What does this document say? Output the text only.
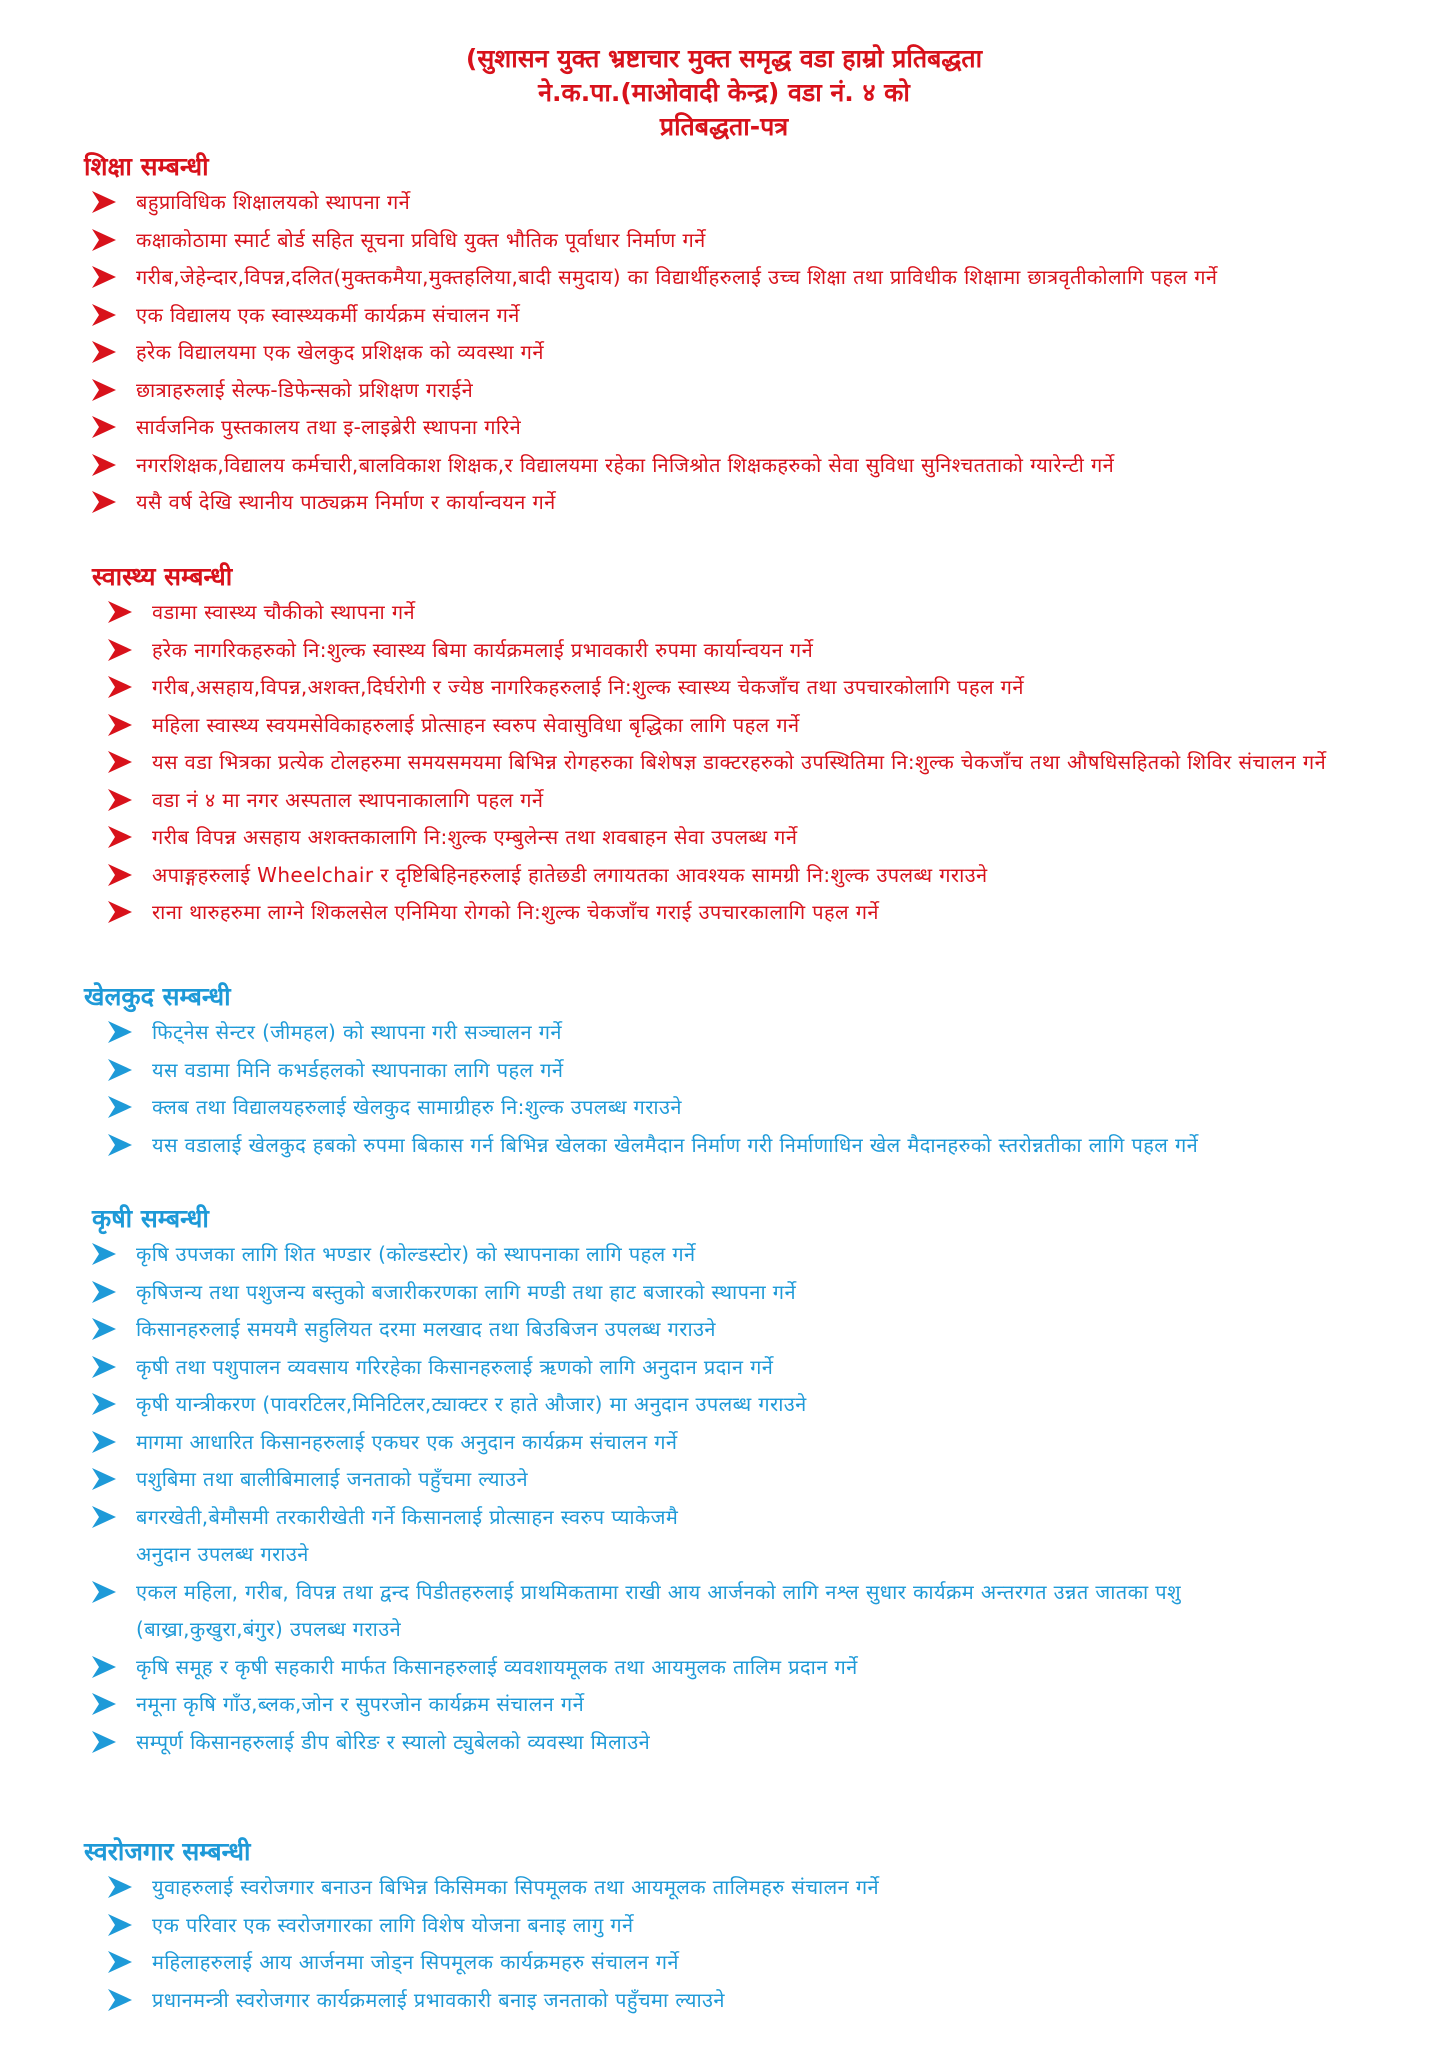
(सुशासन युक्त भ्रष्टाचार मुक्त समृद्ध वडा हाम्रो प्रतिबद्धता
ने.क.पा.(माओवादी केन्द्र) वडा नं. ४ को
प्रतिबद्धता-पत्र
शिक्षा सम्बन्धी
बहुप्राविधिक शिक्षालयको स्थापना गर्ने
कक्षाकोठामा स्मार्ट बोर्ड सहित सूचना प्रविधि युक्त भौतिक पूर्वाधार निर्माण गर्ने
गरीब,जेहेन्दार,विपन्न,दलित(मुक्तकमैया,मुक्तहलिया,बादी समुदाय) का विद्यार्थीहरुलाई उच्च शिक्षा तथा प्राविधीक शिक्षामा छात्रवृतीकोलागि पहल गर्ने
एक विद्यालय एक स्वास्थ्यकर्मी कार्यक्रम संचालन गर्ने
हरेक विद्यालयमा एक खेलकुद प्रशिक्षक को व्यवस्था गर्ने
छात्राहरुलाई सेल्फ-डिफेन्सको प्रशिक्षण गराईने
सार्वजनिक पुस्तकालय तथा इ-लाइब्रेरी स्थापना गरिने
नगरशिक्षक,विद्यालय कर्मचारी,बालविकाश शिक्षक,र विद्यालयमा रहेका निजिश्रोत शिक्षकहरुको सेवा सुविधा सुनिश्चतताको ग्यारेन्टी गर्ने
यसै वर्ष देखि स्थानीय पाठ्यक्रम निर्माण र कार्यान्वयन गर्ने
स्वास्थ्य सम्बन्धी
वडामा स्वास्थ्य चौकीको स्थापना गर्ने
हरेक नागरिकहरुको नि:शुल्क स्वास्थ्य बिमा कार्यक्रमलाई प्रभावकारी रुपमा कार्यान्वयन गर्ने
गरीब,असहाय,विपन्न,अशक्त,दिर्घरोगी र ज्येष्ठ नागरिकहरुलाई नि:शुल्क स्वास्थ्य चेकजाँच तथा उपचारकोलागि पहल गर्ने
महिला स्वास्थ्य स्वयमसेविकाहरुलाई प्रोत्साहन स्वरुप सेवासुविधा बृद्धिका लागि पहल गर्ने
यस वडा भित्रका प्रत्येक टोलहरुमा समयसमयमा बिभिन्न रोगहरुका बिशेषज्ञ डाक्टरहरुको उपस्थितिमा नि:शुल्क चेकजाँच तथा औषधिसहितको शिविर संचालन गर्ने
वडा नं ४ मा नगर अस्पताल स्थापनाकालागि पहल गर्ने
गरीब विपन्न असहाय अशक्तकालागि नि:शुल्क एम्बुलेन्स तथा शवबाहन सेवा उपलब्ध गर्ने
अपाङ्गहरुलाई Wheelchair र दृष्टिबिहिनहरुलाई हातेछडी लगायतका आवश्यक सामग्री नि:शुल्क उपलब्ध गराउने
राना थारुहरुमा लाग्ने शिकलसेल एनिमिया रोगको नि:शुल्क चेकजाँच गराई उपचारकालागि पहल गर्ने
खेलकुद सम्बन्धी
फिट्नेस सेन्टर (जीमहल) को स्थापना गरी सञ्चालन गर्ने
यस वडामा मिनि कभर्डहलको स्थापनाका लागि पहल गर्ने
क्लब तथा विद्यालयहरुलाई खेलकुद सामाग्रीहरु नि:शुल्क उपलब्ध गराउने
यस वडालाई खेलकुद हबको रुपमा बिकास गर्न बिभिन्न खेलका खेलमैदान निर्माण गरी निर्माणाधिन खेल मैदानहरुको स्तरोन्नतीका लागि पहल गर्ने
कृषी सम्बन्धी
कृषि उपजका लागि शित भण्डार (कोल्डस्टोर) को स्थापनाका लागि पहल गर्ने
कृषिजन्य तथा पशुजन्य बस्तुको बजारीकरणका लागि मण्डी तथा हाट बजारको स्थापना गर्ने
किसानहरुलाई समयमै सहुलियत दरमा मलखाद तथा बिउबिजन उपलब्ध गराउने
कृषी तथा पशुपालन व्यवसाय गरिरहेका किसानहरुलाई ऋणको लागि अनुदान प्रदान गर्ने
कृषी यान्त्रीकरण (पावरटिलर,मिनिटिलर,ट्याक्टर र हाते औजार) मा अनुदान उपलब्ध गराउने
मागमा आधारित किसानहरुलाई एकघर एक अनुदान कार्यक्रम संचालन गर्ने
पशुबिमा तथा बालीबिमालाई जनताको पहुँचमा ल्याउने
बगरखेती,बेमौसमी तरकारीखेती गर्ने किसानलाई प्रोत्साहन स्वरुप प्याकेजमै
अनुदान उपलब्ध गराउने
एकल महिला, गरीब, विपन्न तथा द्वन्द पिडीतहरुलाई प्राथमिकतामा राखी आय आर्जनको लागि नश्ल सुधार कार्यक्रम अन्तरगत उन्नत जातका पशु
(बाख्रा,कुखुरा,बंगुर) उपलब्ध गराउने
कृषि समूह र कृषी सहकारी मार्फत किसानहरुलाई व्यवशायमूलक तथा आयमुलक तालिम प्रदान गर्ने
नमूना कृषि गाँउ,ब्लक,जोन र सुपरजोन कार्यक्रम संचालन गर्ने
सम्पूर्ण किसानहरुलाई डीप बोरिङ र स्यालो ट्युबेलको व्यवस्था मिलाउने
स्वरोजगार सम्बन्धी
युवाहरुलाई स्वरोजगार बनाउन बिभिन्न किसिमका सिपमूलक तथा आयमूलक तालिमहरु संचालन गर्ने
एक परिवार एक स्वरोजगारका लागि विशेष योजना बनाइ लागु गर्ने
महिलाहरुलाई आय आर्जनमा जोड्न सिपमूलक कार्यक्रमहरु संचालन गर्ने
प्रधानमन्त्री स्वरोजगार कार्यक्रमलाई प्रभावकारी बनाइ जनताको पहुँचमा ल्याउने
